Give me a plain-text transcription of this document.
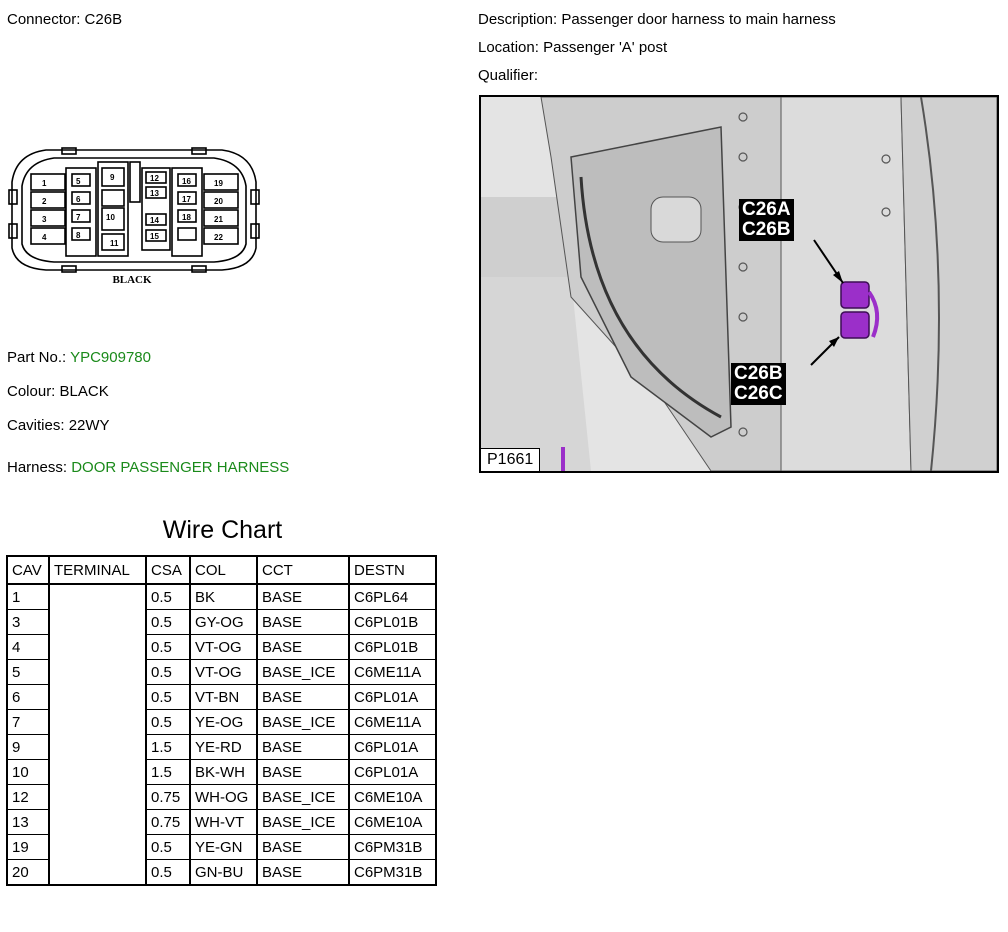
Connector: C26B	Description: Passenger door harness to main harness
Location: Passenger 'A' post
Qualifier:
1
2
3
4
5
6
7
8
9
10
11
12
13
14
15
16
17
18
19
20
21
22
BLACK
Part No.: YPC909780
Colour: BLACK
Cavities: 22WY
Harness: DOOR PASSENGER HARNESS
C26A
C26B
C26B
C26C
P1661
Wire Chart
CAV	TERMINAL	CSA	COL	CCT	DESTN
1		0.5	BK	BASE	C6PL64
3		0.5	GY-OG	BASE	C6PL01B
4		0.5	VT-OG	BASE	C6PL01B
5		0.5	VT-OG	BASE_ICE	C6ME11A
6		0.5	VT-BN	BASE	C6PL01A
7		0.5	YE-OG	BASE_ICE	C6ME11A
9		1.5	YE-RD	BASE	C6PL01A
10		1.5	BK-WH	BASE	C6PL01A
12		0.75	WH-OG	BASE_ICE	C6ME10A
13		0.75	WH-VT	BASE_ICE	C6ME10A
19		0.5	YE-GN	BASE	C6PM31B
20		0.5	GN-BU	BASE	C6PM31B
